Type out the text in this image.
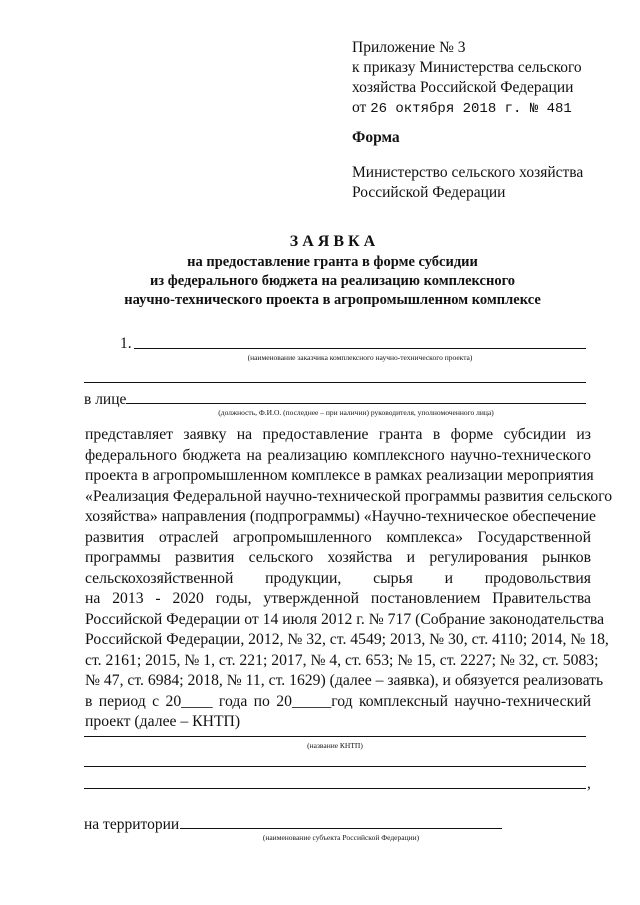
Приложение № 3
к приказу Министерства сельского
хозяйства Российской Федерации
от 26 октября 2018 г. № 481
Форма
Министерство сельского хозяйства
Российской Федерации
З А Я В К А
на предоставление гранта в форме субсидии
из федерального бюджета на реализацию комплексного
научно-технического проекта в агропромышленном комплексе
1.
(наименование заказчика комплексного научно-технического проекта)
в лице
(должность, Ф.И.О. (последнее – при наличии) руководителя, уполномоченного лица)
представляет заявку на предоставление гранта в форме субсидии из
федерального бюджета на реализацию комплексного научно-технического
проекта в агропромышленном комплексе в рамках реализации мероприятия
«Реализация Федеральной научно-технической программы развития сельского
хозяйства» направления (подпрограммы) «Научно-техническое обеспечение
развития отраслей агропромышленного комплекса» Государственной
программы развития сельского хозяйства и регулирования рынков
сельскохозяйственной продукции, сырья и продовольствия
на 2013 - 2020 годы, утвержденной постановлением Правительства
Российской Федерации от 14 июля 2012 г. № 717 (Собрание законодательства
Российской Федерации, 2012, № 32, ст. 4549; 2013, № 30, ст. 4110; 2014, № 18,
ст. 2161; 2015, № 1, ст. 221; 2017, № 4, ст. 653; № 15, ст. 2227; № 32, ст. 5083;
№ 47, ст. 6984; 2018, № 11, ст. 1629) (далее – заявка), и обязуется реализовать
в период с 20____ года по 20_____год комплексный научно-технический
проект (далее – КНТП)
(название КНТП)
,
на территории
(наименование субъекта Российской Федерации)
